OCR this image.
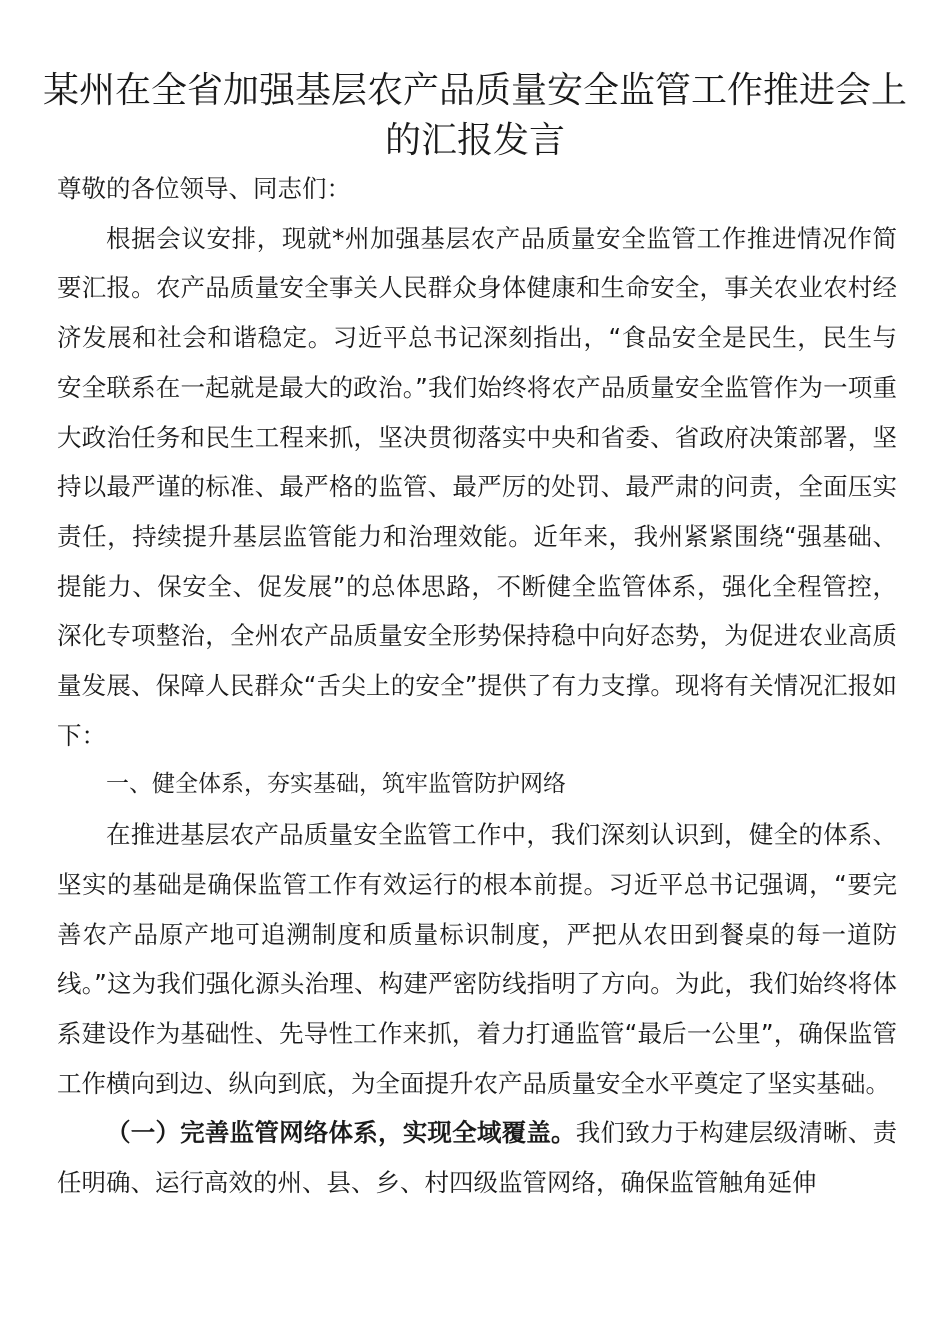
某州在全省加强基层农产品质量安全监管工作推进会上的汇报发言

尊敬的各位领导、同志们：

根据会议安排，现就*州加强基层农产品质量安全监管工作推进情况作简要汇报。农产品质量安全事关人民群众身体健康和生命安全，事关农业农村经济发展和社会和谐稳定。习近平总书记深刻指出，“食品安全是民生，民生与安全联系在一起就是最大的政治。”我们始终将农产品质量安全监管作为一项重大政治任务和民生工程来抓，坚决贯彻落实中央和省委、省政府决策部署，坚持以最严谨的标准、最严格的监管、最严厉的处罚、最严肃的问责，全面压实责任，持续提升基层监管能力和治理效能。近年来，我州紧紧围绕“强基础、提能力、保安全、促发展”的总体思路，不断健全监管体系，强化全程管控，深化专项整治，全州农产品质量安全形势保持稳中向好态势，为促进农业高质量发展、保障人民群众“舌尖上的安全”提供了有力支撑。现将有关情况汇报如下：

一、健全体系，夯实基础，筑牢监管防护网络

在推进基层农产品质量安全监管工作中，我们深刻认识到，健全的体系、坚实的基础是确保监管工作有效运行的根本前提。习近平总书记强调，“要完善农产品原产地可追溯制度和质量标识制度，严把从农田到餐桌的每一道防线。”这为我们强化源头治理、构建严密防线指明了方向。为此，我们始终将体系建设作为基础性、先导性工作来抓，着力打通监管“最后一公里”，确保监管工作横向到边、纵向到底，为全面提升农产品质量安全水平奠定了坚实基础。

（一）完善监管网络体系，实现全域覆盖。我们致力于构建层级清晰、责任明确、运行高效的州、县、乡、村四级监管网络，确保监管触角延伸
